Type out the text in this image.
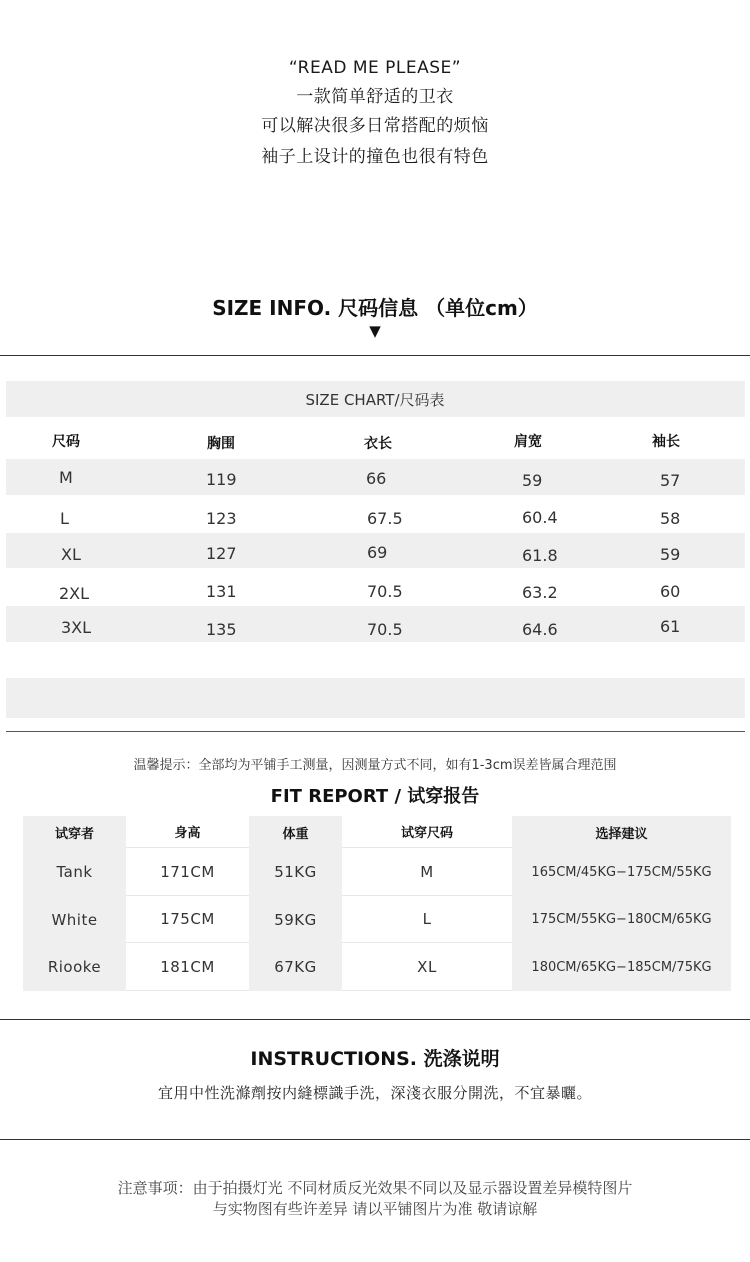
“READ ME PLEASE”
一款简单舒适的卫衣
可以解决很多日常搭配的烦恼
袖子上设计的撞色也很有特色
SIZE INFO. 尺码信息 （单位cm）
▼
SIZE CHART/尺码表
尺码	胸围	衣长	肩宽	袖长
M	119	66	59	57
L	123	67.5	60.4	58
XL	127	69	61.8	59
2XL	131	70.5	63.2	60
3XL	135	70.5	64.6	61
温馨提示：全部均为平铺手工测量，因测量方式不同，如有1-3cm误差皆属合理范围
FIT REPORT / 试穿报告
试穿者	身高	体重	试穿尺码	选择建议
Tank	171CM	51KG	M	165CM/45KG−175CM/55KG
White	175CM	59KG	L	175CM/55KG−180CM/65KG
Riooke	181CM	67KG	XL	180CM/65KG−185CM/75KG
INSTRUCTIONS. 洗涤说明
宜用中性洗滌劑按内縫標識手洗，深淺衣服分開洗，不宜暴曬。
注意事项：由于拍摄灯光 不同材质反光效果不同以及显示器设置差异模特图片
与实物图有些许差异 请以平铺图片为准 敬请谅解
